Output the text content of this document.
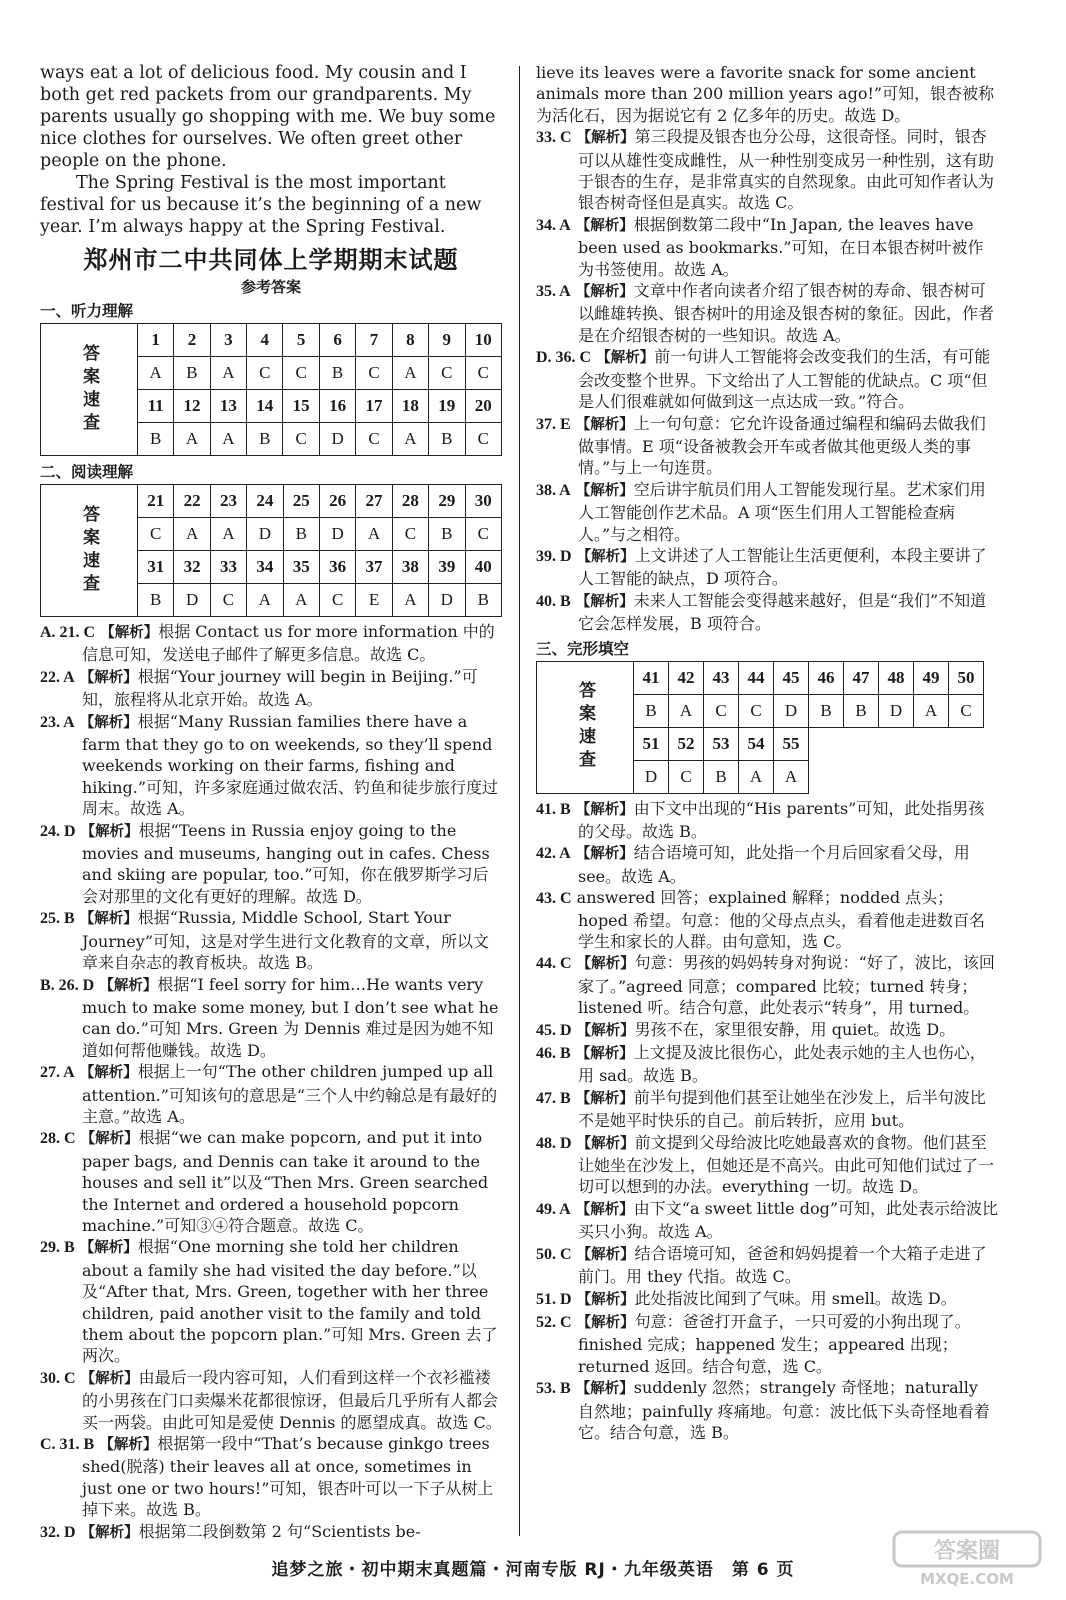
ways eat a lot of delicious food. My cousin and I both get red packets from our grandparents. My parents usually go shopping with me. We buy some nice clothes for ourselves. We often greet other people on the phone.

The Spring Festival is the most important festival for us because it’s the beginning of a new year. I’m always happy at the Spring Festival.

郑州市二中共同体上学期期末试题
参考答案
一、听力理解
答案速查	1	2	3	4	5	6	7	8	9	10
	A	B	A	C	C	B	C	A	C	C
	11	12	13	14	15	16	17	18	19	20
	B	A	A	B	C	D	C	A	B	C
二、阅读理解
答案速查	21	22	23	24	25	26	27	28	29	30
	C	A	A	D	B	D	A	C	B	C
	31	32	33	34	35	36	37	38	39	40
	B	D	C	A	A	C	E	A	D	B

A. 21. C 【解析】根据 Contact us for more information 中的信息可知，发送电子邮件了解更多信息。故选 C。

22. A 【解析】根据“Your journey will begin in Beijing.”可知，旅程将从北京开始。故选 A。

23. A 【解析】根据“Many Russian families there have a farm that they go to on weekends, so they’ll spend weekends working on their farms, fishing and hiking.”可知，许多家庭通过做农活、钓鱼和徒步旅行度过周末。故选 A。

24. D 【解析】根据“Teens in Russia enjoy going to the movies and museums, hanging out in cafes. Chess and skiing are popular, too.”可知，你在俄罗斯学习后会对那里的文化有更好的理解。故选 D。

25. B 【解析】根据“Russia, Middle School, Start Your Journey”可知，这是对学生进行文化教育的文章，所以文章来自杂志的教育板块。故选 B。

B. 26. D 【解析】根据“I feel sorry for him…He wants very much to make some money, but I don’t see what he can do.”可知 Mrs. Green 为 Dennis 难过是因为她不知道如何帮他赚钱。故选 D。

27. A 【解析】根据上一句“The other children jumped up all attention.”可知该句的意思是“三个人中约翰总是有最好的主意。”故选 A。

28. C 【解析】根据“we can make popcorn, and put it into paper bags, and Dennis can take it around to the houses and sell it”以及“Then Mrs. Green searched the Internet and ordered a household popcorn machine.”可知③④符合题意。故选 C。

29. B 【解析】根据“One morning she told her children about a family she had visited the day before.”以及“After that, Mrs. Green, together with her three children, paid another visit to the family and told them about the popcorn plan.”可知 Mrs. Green 去了两次。

30. C 【解析】由最后一段内容可知，人们看到这样一个衣衫褴褛的小男孩在门口卖爆米花都很惊讶，但最后几乎所有人都会买一两袋。由此可知是爱使 Dennis 的愿望成真。故选 C。

C. 31. B 【解析】根据第一段中“That’s because ginkgo trees shed(脱落) their leaves all at once, sometimes in just one or two hours!”可知，银杏叶可以一下子从树上掉下来。故选 B。

32. D 【解析】根据第二段倒数第 2 句“Scientists be-

lieve its leaves were a favorite snack for some ancient animals more than 200 million years ago!”可知，银杏被称为活化石，因为据说它有 2 亿多年的历史。故选 D。

33. C 【解析】第三段提及银杏也分公母，这很奇怪。同时，银杏可以从雄性变成雌性，从一种性别变成另一种性别，这有助于银杏的生存，是非常真实的自然现象。由此可知作者认为银杏树奇怪但是真实。故选 C。

34. A 【解析】根据倒数第二段中“In Japan, the leaves have been used as bookmarks.”可知，在日本银杏树叶被作为书签使用。故选 A。

35. A 【解析】文章中作者向读者介绍了银杏树的寿命、银杏树可以雌雄转换、银杏树叶的用途及银杏树的象征。因此，作者是在介绍银杏树的一些知识。故选 A。

D. 36. C 【解析】前一句讲人工智能将会改变我们的生活，有可能会改变整个世界。下文给出了人工智能的优缺点。C 项“但是人们很难就如何做到这一点达成一致。”符合。

37. E 【解析】上一句句意：它允许设备通过编程和编码去做我们做事情。E 项“设备被教会开车或者做其他更级人类的事情。”与上一句连贯。

38. A 【解析】空后讲宇航员们用人工智能发现行星。艺术家们用人工智能创作艺术品。A 项“医生们用人工智能检查病人。”与之相符。

39. D 【解析】上文讲述了人工智能让生活更便利，本段主要讲了人工智能的缺点，D 项符合。

40. B 【解析】未来人工智能会变得越来越好，但是“我们”不知道它会怎样发展，B 项符合。

三、完形填空
答案速查	41	42	43	44	45	46	47	48	49	50
	B	A	C	C	D	B	B	D	A	C
	51	52	53	54	55					
	D	C	B	A	A					

41. B 【解析】由下文中出现的“His parents”可知，此处指男孩的父母。故选 B。

42. A 【解析】结合语境可知，此处指一个月后回家看父母，用 see。故选 A。

43. C answered 回答；explained 解释；nodded 点头；hoped 希望。句意：他的父母点点头，看着他走进数百名学生和家长的人群。由句意知，选 C。

44. C 【解析】句意：男孩的妈妈转身对狗说：“好了，波比，该回家了。”agreed 同意；compared 比较；turned 转身；listened 听。结合句意，此处表示“转身”，用 turned。

45. D 【解析】男孩不在，家里很安静，用 quiet。故选 D。

46. B 【解析】上文提及波比很伤心，此处表示她的主人也伤心，用 sad。故选 B。

47. B 【解析】前半句提到他们甚至让她坐在沙发上，后半句波比不是她平时快乐的自己。前后转折，应用 but。

48. D 【解析】前文提到父母给波比吃她最喜欢的食物。他们甚至让她坐在沙发上，但她还是不高兴。由此可知他们试过了一切可以想到的办法。everything 一切。故选 D。

49. A 【解析】由下文“a sweet little dog”可知，此处表示给波比买只小狗。故选 A。

50. C 【解析】结合语境可知，爸爸和妈妈提着一个大箱子走进了前门。用 they 代指。故选 C。

51. D 【解析】此处指波比闻到了气味。用 smell。故选 D。

52. C 【解析】句意：爸爸打开盒子，一只可爱的小狗出现了。finished 完成；happened 发生；appeared 出现；returned 返回。结合句意，选 C。

53. B 【解析】suddenly 忽然；strangely 奇怪地；naturally 自然地；painfully 疼痛地。句意：波比低下头奇怪地看着它。结合句意，选 B。

追梦之旅・初中期末真题篇・河南专版 RJ・九年级英语　第 6 页
答案圈
MXQE.COM
